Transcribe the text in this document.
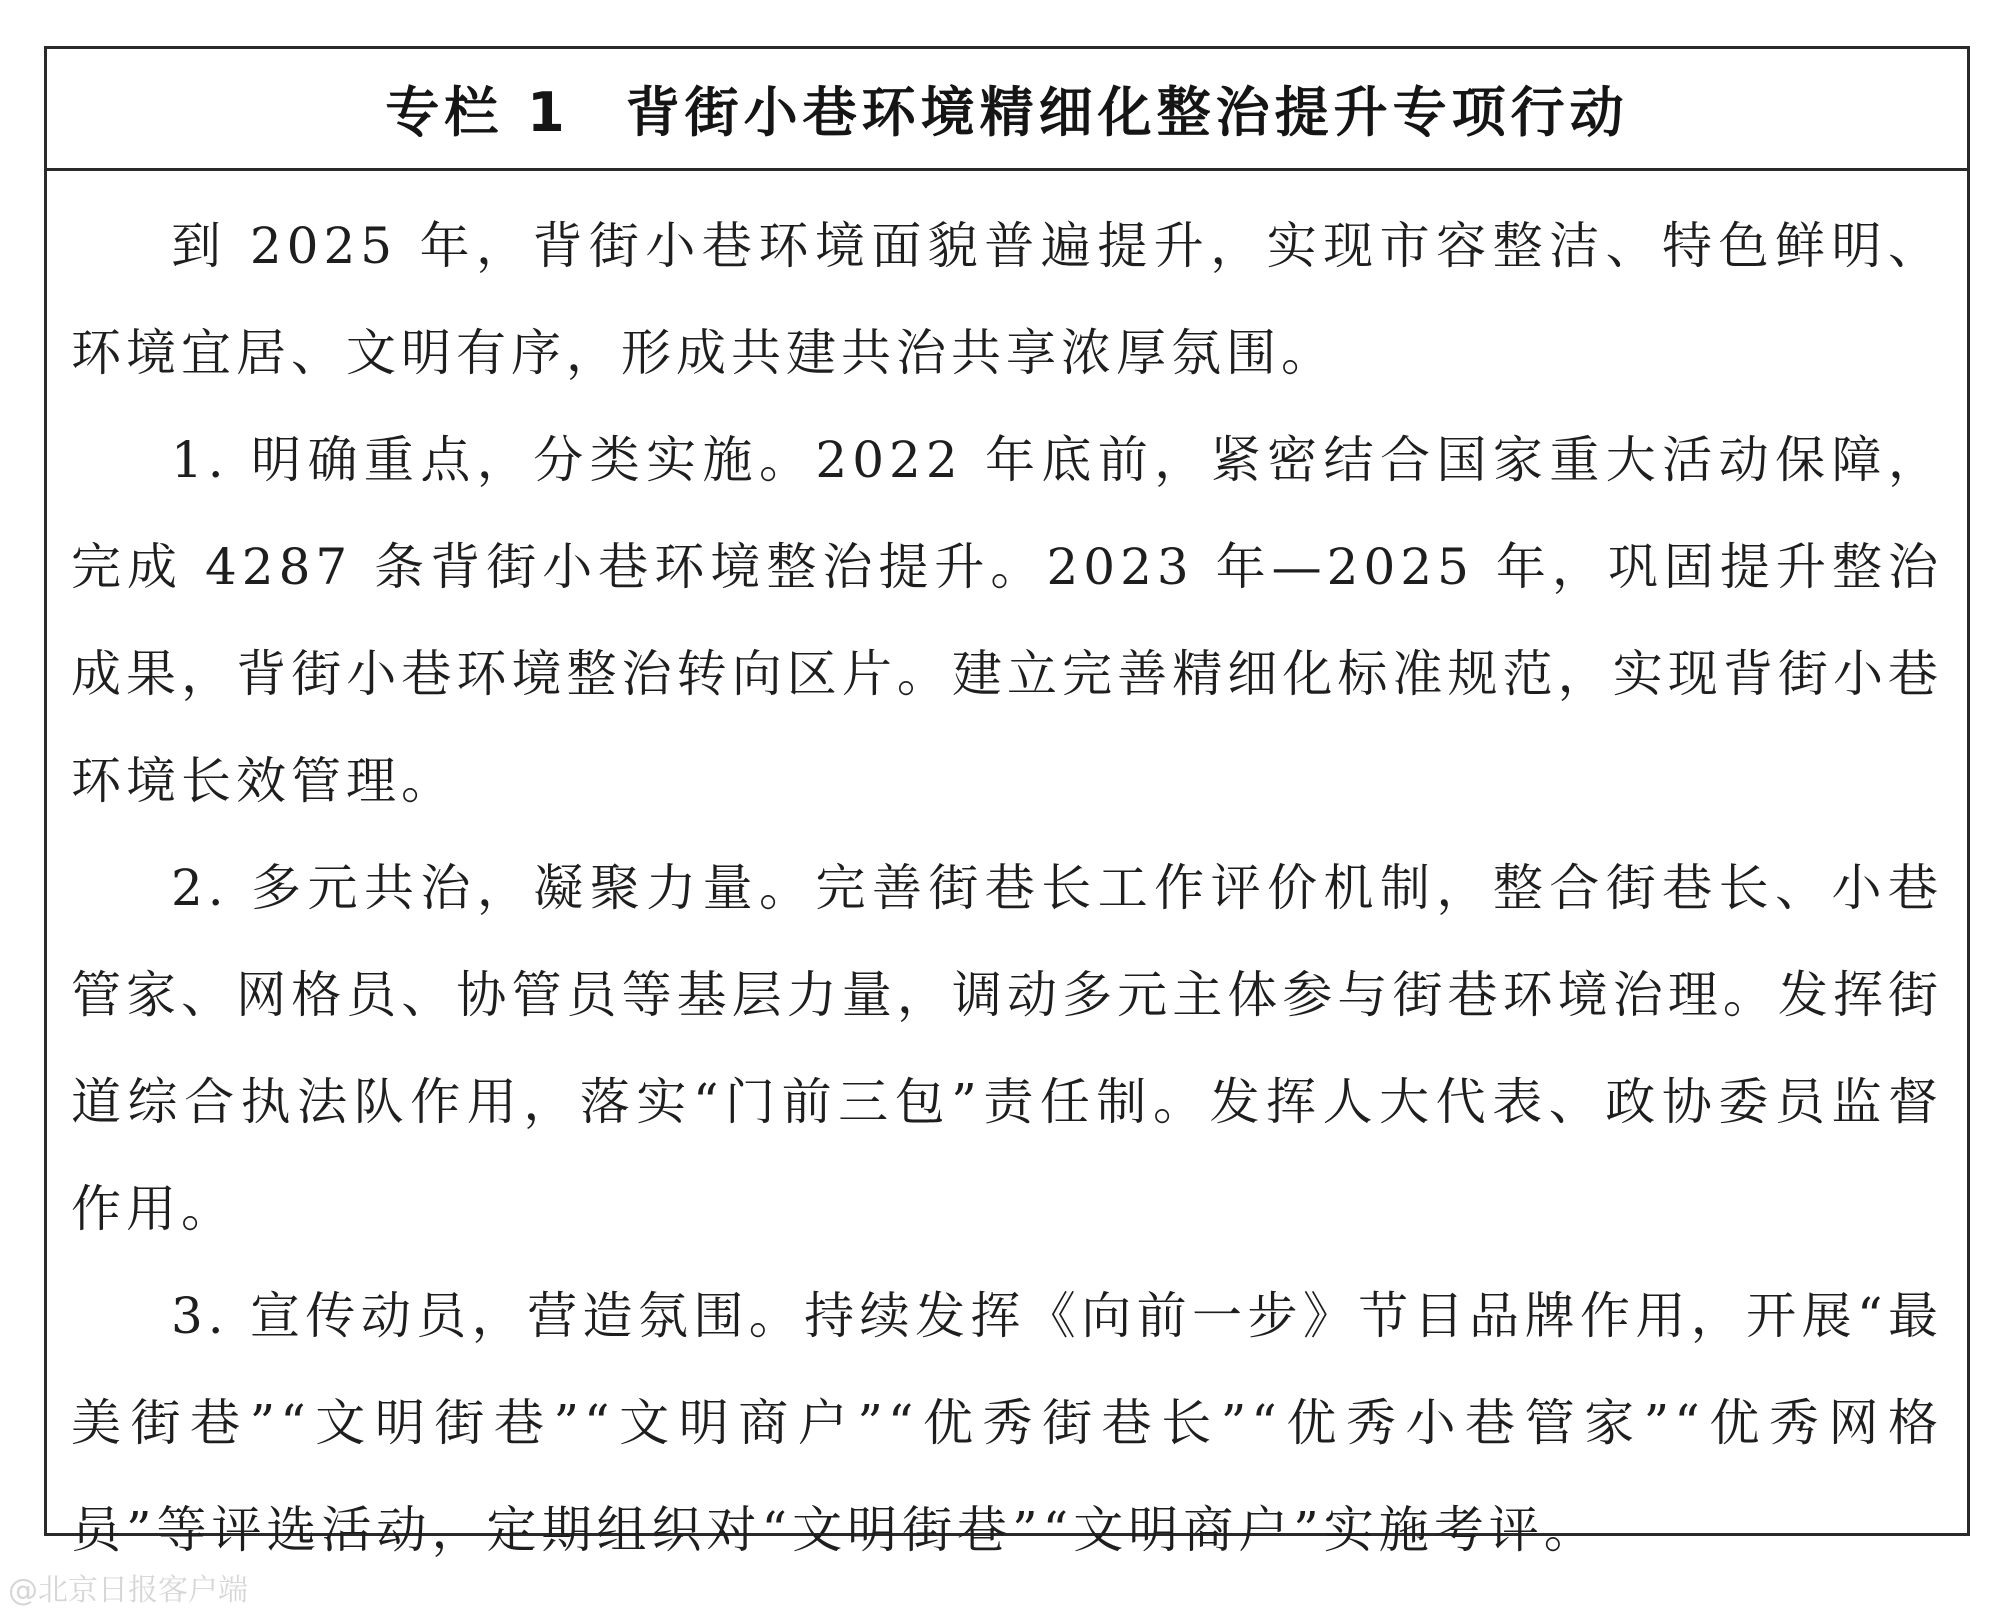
专栏 1 背街小巷环境精细化整治提升专项行动

到 2025 年，背街小巷环境面貌普遍提升，实现市容整洁、特色鲜明、环境宜居、文明有序，形成共建共治共享浓厚氛围。

1. 明确重点，分类实施。2022 年底前，紧密结合国家重大活动保障，完成 4287 条背街小巷环境整治提升。2023 年—2025 年，巩固提升整治成果，背街小巷环境整治转向区片。建立完善精细化标准规范，实现背街小巷环境长效管理。

2. 多元共治，凝聚力量。完善街巷长工作评价机制，整合街巷长、小巷管家、网格员、协管员等基层力量，调动多元主体参与街巷环境治理。发挥街道综合执法队作用，落实“门前三包”责任制。发挥人大代表、政协委员监督作用。

3. 宣传动员，营造氛围。持续发挥《向前一步》节目品牌作用，开展“最美街巷”“文明街巷”“文明商户”“优秀街巷长”“优秀小巷管家”“优秀网格员”等评选活动，定期组织对“文明街巷”“文明商户”实施考评。

@北京日报客户端
